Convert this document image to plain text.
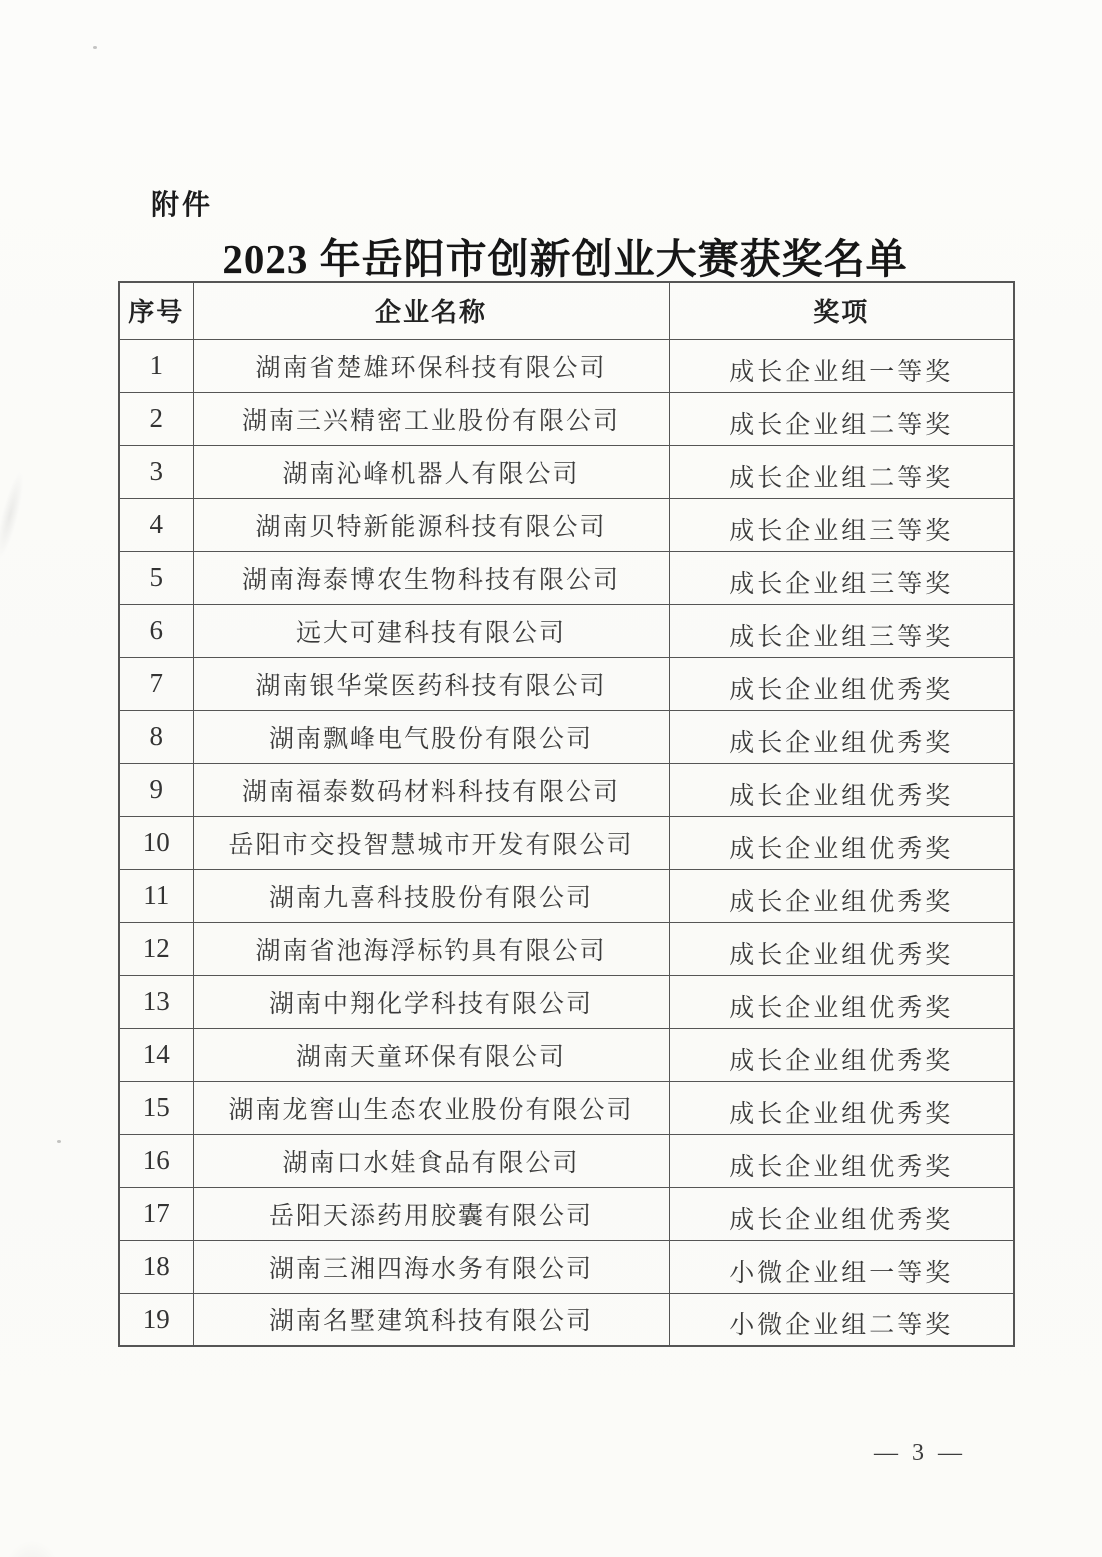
附件
2023 年岳阳市创新创业大赛获奖名单
序号	企业名称	奖项
1	湖南省楚雄环保科技有限公司	成长企业组一等奖
2	湖南三兴精密工业股份有限公司	成长企业组二等奖
3	湖南沁峰机器人有限公司	成长企业组二等奖
4	湖南贝特新能源科技有限公司	成长企业组三等奖
5	湖南海泰博农生物科技有限公司	成长企业组三等奖
6	远大可建科技有限公司	成长企业组三等奖
7	湖南银华棠医药科技有限公司	成长企业组优秀奖
8	湖南飘峰电气股份有限公司	成长企业组优秀奖
9	湖南福泰数码材料科技有限公司	成长企业组优秀奖
10	岳阳市交投智慧城市开发有限公司	成长企业组优秀奖
11	湖南九喜科技股份有限公司	成长企业组优秀奖
12	湖南省池海浮标钓具有限公司	成长企业组优秀奖
13	湖南中翔化学科技有限公司	成长企业组优秀奖
14	湖南天童环保有限公司	成长企业组优秀奖
15	湖南龙窖山生态农业股份有限公司	成长企业组优秀奖
16	湖南口水娃食品有限公司	成长企业组优秀奖
17	岳阳天添药用胶囊有限公司	成长企业组优秀奖
18	湖南三湘四海水务有限公司	小微企业组一等奖
19	湖南名墅建筑科技有限公司	小微企业组二等奖
— 3 —
